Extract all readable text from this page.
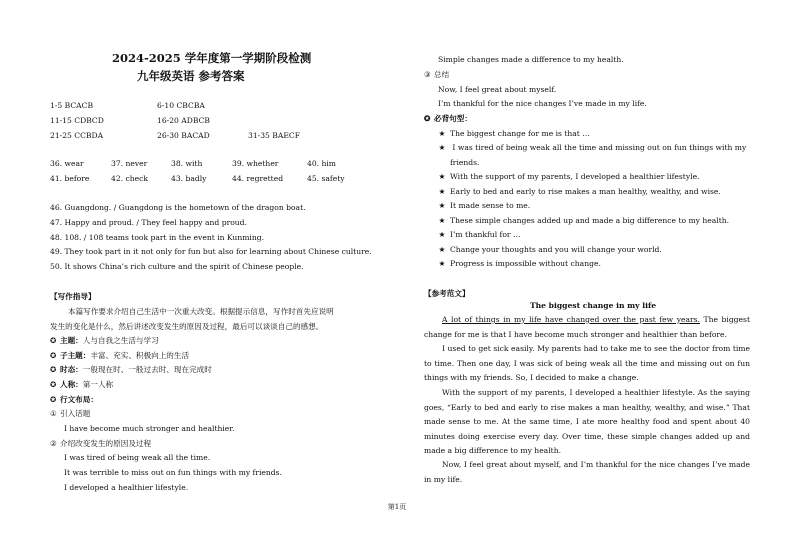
2024-2025 学年度第一学期阶段检测
九年级英语 参考答案
1-5 BCACB	6-10 CBCBA
11-15 CDBCD	16-20 ADBCB
21-25 CCBDA	26-30 BACAD	31-35 BAECF
36. wear	37. never	38. with	39. whether	40. him
41. before	42. check	43. badly	44. regretted	45. safety
46. Guangdong. / Guangdong is the hometown of the dragon boat.
47. Happy and proud. / They feel happy and proud.
48. 108. / 108 teams took part in the event in Kunming.
49. They took part in it not only for fun but also for learning about Chinese culture.
50. It shows China’s rich culture and the spirit of Chinese people.
【写作指导】
本篇写作要求介绍自己生活中一次重大改变。根据提示信息，写作时首先应说明
发生的变化是什么，然后讲述改变发生的原因及过程，最后可以谈谈自己的感想。
✪ 主题：人与自我之生活与学习
✪ 子主题：丰富、充实、积极向上的生活
✪ 时态：一般现在时、一般过去时、现在完成时
✪ 人称：第一人称
✪ 行文布局：
① 引入话题
I have become much stronger and healthier.
② 介绍改变发生的原因及过程
I was tired of being weak all the time.
It was terrible to miss out on fun things with my friends.
I developed a healthier lifestyle.
Simple changes made a difference to my health.
③ 总结
Now, I feel great about myself.
I’m thankful for the nice changes I’ve made in my life.
✪ 必背句型：
★ The biggest change for me is that …
★ I was tired of being weak all the time and missing out on fun things with my
friends.
★ With the support of my parents, I developed a healthier lifestyle.
★ Early to bed and early to rise makes a man healthy, wealthy, and wise.
★ It made sense to me.
★ These simple changes added up and made a big difference to my health.
★ I’m thankful for …
★ Change your thoughts and you will change your world.
★ Progress is impossible without change.
【参考范文】
The biggest change in my life
A lot of things in my life have changed over the past few years. The biggest change for me is that I have become much stronger and healthier than before.
I used to get sick easily. My parents had to take me to see the doctor from time to time. Then one day, I was sick of being weak all the time and missing out on fun things with my friends. So, I decided to make a change.
With the support of my parents, I developed a healthier lifestyle. As the saying goes, “Early to bed and early to rise makes a man healthy, wealthy, and wise.” That made sense to me. At the same time, I ate more healthy food and spent about 40 minutes doing exercise every day. Over time, these simple changes added up and made a big difference to my health.
Now, I feel great about myself, and I’m thankful for the nice changes I’ve made in my life.
第1页
